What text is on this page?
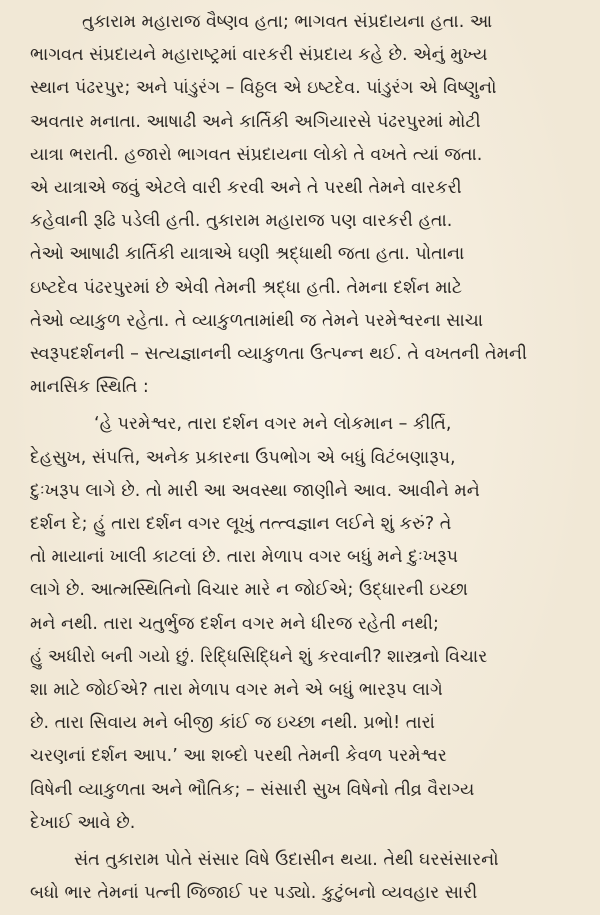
તુકારામ મહારાજ વૈષ્ણવ હતા; ભાગવત સંપ્રદાયના હતા. આ
ભાગવત સંપ્રદાયને મહારાષ્ટ્રમાં વારકરી સંપ્રદાય કહે છે. એનું મુખ્ય
સ્થાન પંઢરપુર; અને પાંડુરંગ – વિઠ્ઠલ એ ઇષ્ટદેવ. પાંડુરંગ એ વિષ્ણુનો
અવતાર મનાતા. આષાઢી અને કાર્તિકી અગિયારસે પંઢરપુરમાં મોટી
યાત્રા ભરાતી. હજારો ભાગવત સંપ્રદાયના લોકો તે વખતે ત્યાં જતા.
એ યાત્રાએ જવું એટલે વારી કરવી અને તે પરથી તેમને વારકરી
કહેવાની રૂઢિ પડેલી હતી. તુકારામ મહારાજ પણ વારકરી હતા.
તેઓ આષાઢી કાર્તિકી યાત્રાએ ઘણી શ્રદ્ધાથી જતા હતા. પોતાના
ઇષ્ટદેવ પંઢરપુરમાં છે એવી તેમની શ્રદ્ધા હતી. તેમના દર્શન માટે
તેઓ વ્યાકુળ રહેતા. તે વ્યાકુળતામાંથી જ તેમને પરમેશ્વરના સાચા
સ્વરૂપદર્શનની – સત્યજ્ઞાનની વ્યાકુળતા ઉત્પન્ન થઈ. તે વખતની તેમની
માનસિક સ્થિતિ :

‘હે પરમેશ્વર, તારા દર્શન વગર મને લોકમાન – કીર્તિ,
દેહસુખ, સંપત્તિ, અનેક પ્રકારના ઉપભોગ એ બધું વિટંબણારૂપ,
દુઃખરૂપ લાગે છે. તો મારી આ અવસ્થા જાણીને આવ. આવીને મને
દર્શન દે; હું તારા દર્શન વગર લૂખું તત્ત્વજ્ઞાન લઈને શું કરું? તે
તો માયાનાં ખાલી કાટલાં છે. તારા મેળાપ વગર બધું મને દુઃખરૂપ
લાગે છે. આત્મસ્થિતિનો વિચાર મારે ન જોઈએ; ઉદ્ધારની ઇચ્છા
મને નથી. તારા ચતુર્ભુજ દર્શન વગર મને ધીરજ રહેતી નથી;
હું અધીરો બની ગયો છું. રિદ્ધિસિદ્ધિને શું કરવાની? શાસ્ત્રનો વિચાર
શા માટે જોઈએ? તારા મેળાપ વગર મને એ બધું ભારરૂપ લાગે
છે. તારા સિવાય મને બીજી કાંઈ જ ઇચ્છા નથી. પ્રભો! તારાં
ચરણનાં દર્શન આપ.’ આ શબ્દો પરથી તેમની કેવળ પરમેશ્વર
વિષેની વ્યાકુળતા અને ભૌતિક; – સંસારી સુખ વિષેનો તીવ્ર વૈરાગ્ય
દેખાઈ આવે છે.

સંત તુકારામ પોતે સંસાર વિષે ઉદાસીન થયા. તેથી ઘરસંસારનો
બધો ભાર તેમનાં પત્ની જિજાઈ પર પડ્યો. કુટુંબનો વ્યવહાર સારી
